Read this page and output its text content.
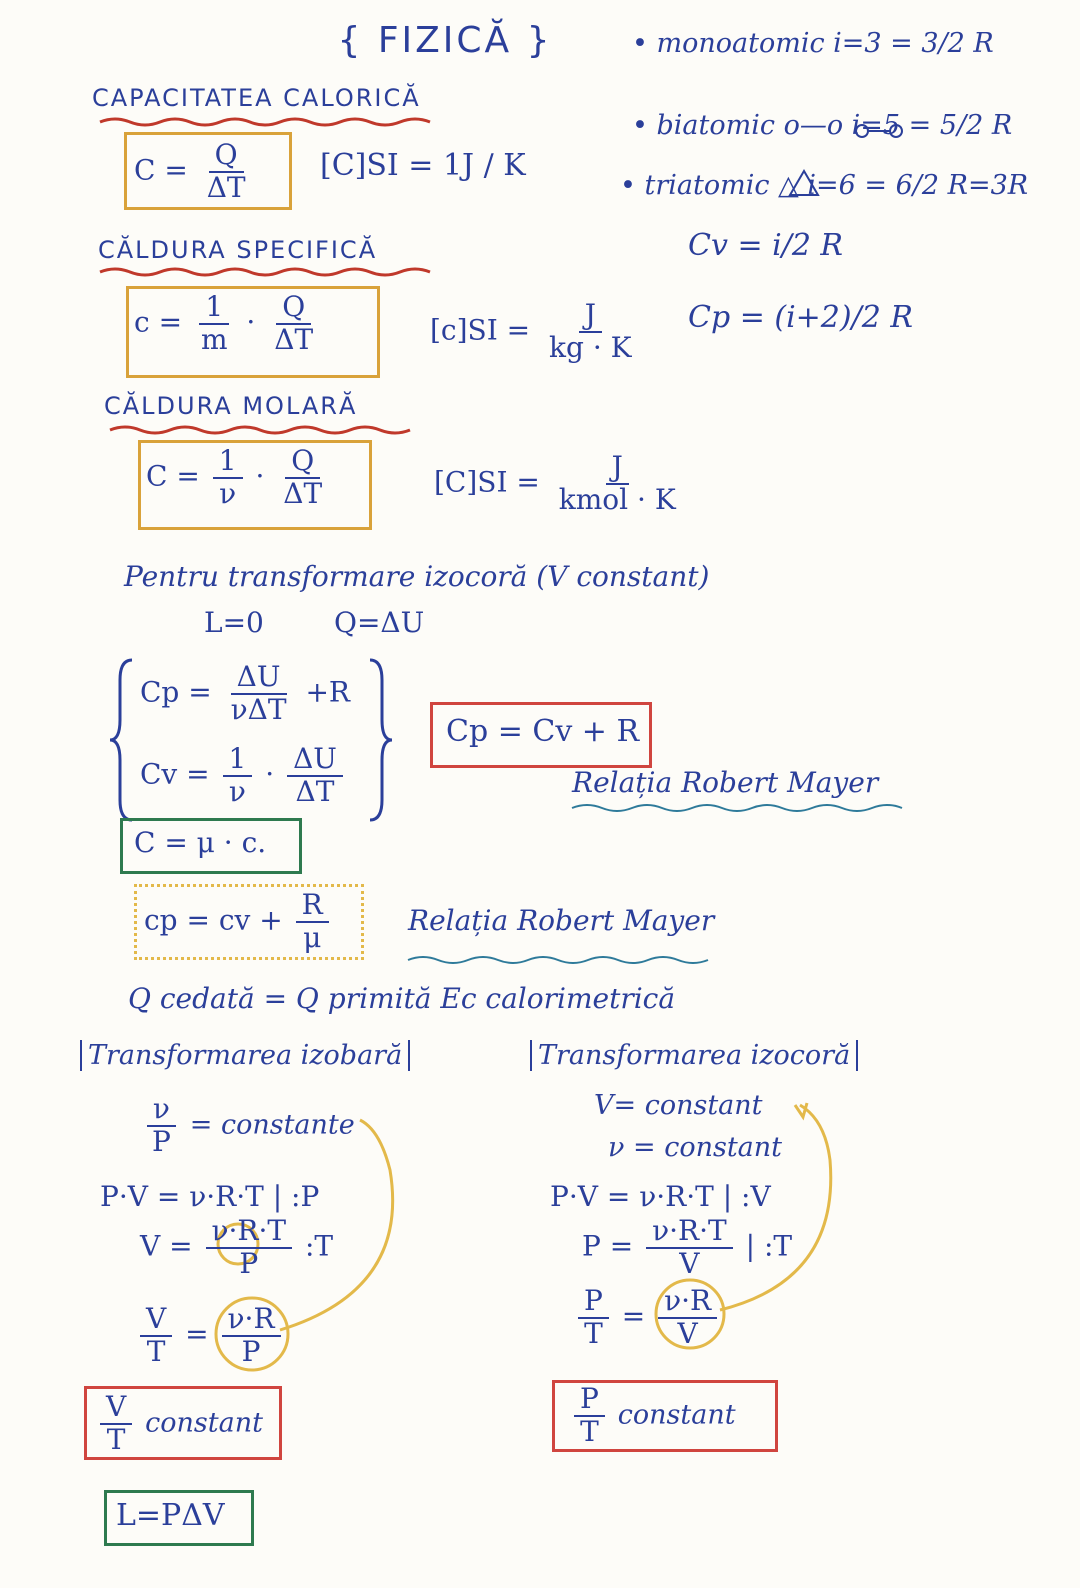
{ FIZICĂ }	• monoatomic i=3 = 3/2 R
• biatomic o—o i=5 = 5/2 R
• triatomic △ i=6 = 6/2 R=3R
Cv = i/2 R
Cp = (i+2)/2 R
CAPACITATEA CALORICĂ
$C = \frac{Q}{\Delta T} [C]SI = 1J / K$
CĂLDURA SPECIFICĂ
$c = \frac{1}{m} \cdot \frac{Q}{\Delta T}$	$[c]SI = \frac{J}{kg \cdot K}$
CĂLDURA MOLARĂ
$C = \frac{1}{\nu} \cdot \frac{Q}{\Delta T}$	$[C]SI = \frac{J}{\text{kmol · K}}$
Pentru transformare izocoră (V constant)
L=0	Q=ΔU
$Cp = \frac{\Delta U}{\text{νΔT}} +R$
$Cv = \frac{1}{\nu} \cdot \frac{\Delta U}{\Delta T}$
Cp = Cv + R
Relația Robert Mayer
C = μ · c.
cp = cv + $\frac{R}{\mu}$	Relația Robert Mayer
Q cedată = Q primită Ec calorimetrică
Transformarea izobară
$\frac{\nu}{P}$ = constante
P·V = ν·R·T | :P
$V = \frac{\nu\cdot R\cdot T}{P}$ :T
$\frac{V}{T} = \frac{\nu\cdot R}{P}$
$\frac{V}{T}$ constant
L=PΔV
Transformarea izocoră
V= constant
ν = constant
P·V = ν·R·T | :V
$P = \frac{\nu\cdot R\cdot T}{V}$ | :T
$\frac{P}{T} = \frac{\nu\cdot R}{V}$
$\frac{P}{T}$ constant
